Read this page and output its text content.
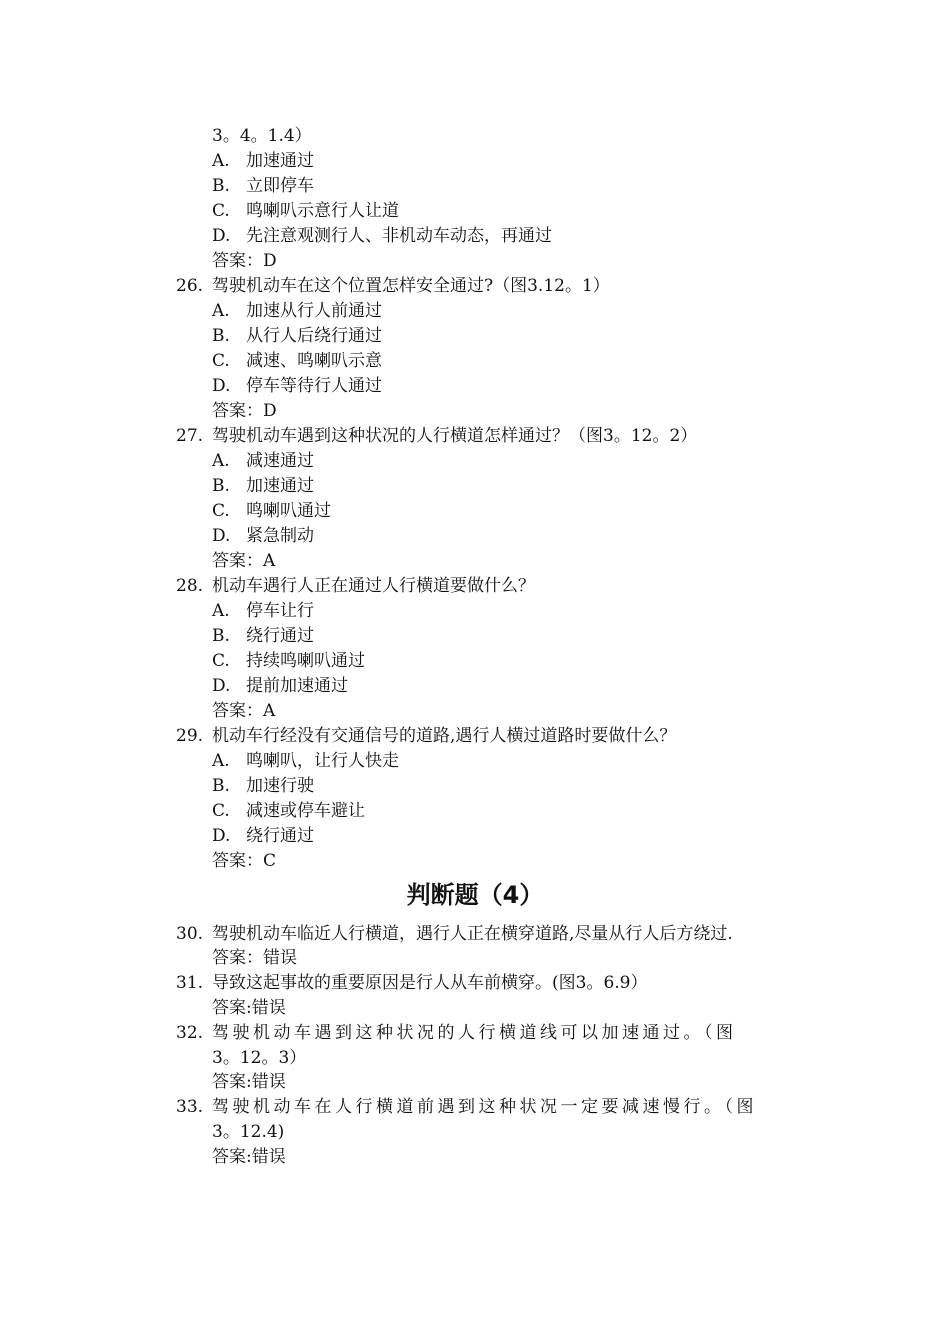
3。4。1.4）
A. 加速通过
B. 立即停车
C. 鸣喇叭示意行人让道
D. 先注意观测行人、非机动车动态，再通过
答案：D
26. 驾驶机动车在这个位置怎样安全通过?（图3.12。1）
A. 加速从行人前通过
B. 从行人后绕行通过
C. 减速、鸣喇叭示意
D. 停车等待行人通过
答案：D
27. 驾驶机动车遇到这种状况的人行横道怎样通过？（图3。12。2）
A. 减速通过
B. 加速通过
C. 鸣喇叭通过
D. 紧急制动
答案：A
28. 机动车遇行人正在通过人行横道要做什么？
A. 停车让行
B. 绕行通过
C. 持续鸣喇叭通过
D. 提前加速通过
答案：A
29. 机动车行经没有交通信号的道路,遇行人横过道路时要做什么？
A. 鸣喇叭，让行人快走
B. 加速行驶
C. 减速或停车避让
D. 绕行通过
答案：C
判断题（4）
30. 驾驶机动车临近人行横道，遇行人正在横穿道路,尽量从行人后方绕过.
答案：错误
31. 导致这起事故的重要原因是行人从车前横穿。(图3。6.9）
答案:错误
32. 驾驶机动车遇到这种状况的人行横道线可以加速通过。（图
3。12。3）
答案:错误
33. 驾驶机动车在人行横道前遇到这种状况一定要减速慢行。（图
3。12.4)
答案:错误
